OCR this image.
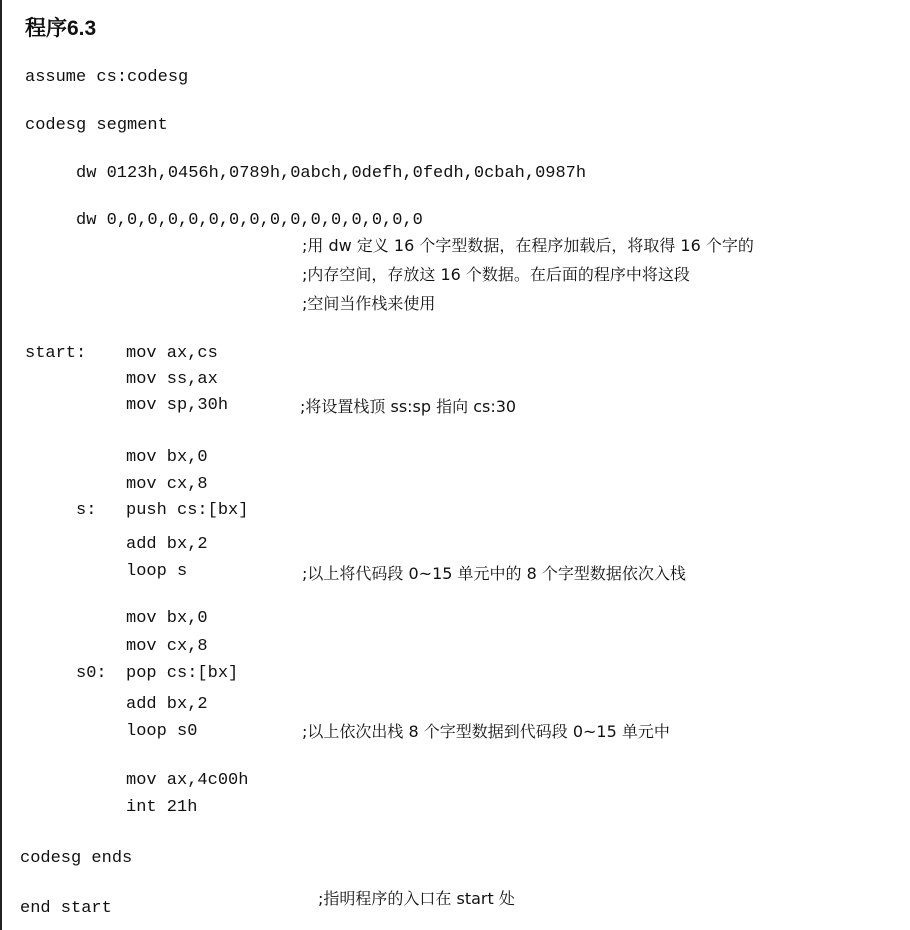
程序6.3
assume cs:codesg
codesg segment
dw 0123h,0456h,0789h,0abch,0defh,0fedh,0cbah,0987h
dw 0,0,0,0,0,0,0,0,0,0,0,0,0,0,0,0
start: mov ax,cs
mov ss,ax
mov sp,30h
mov bx,0
mov cx,8
s: push cs:[bx]
add bx,2
loop s
mov bx,0
mov cx,8
s0: pop cs:[bx]
add bx,2
loop s0
mov ax,4c00h
int 21h
codesg ends
end start
;用 dw 定义 16 个字型数据，在程序加载后，将取得 16 个字的
;内存空间，存放这 16 个数据。在后面的程序中将这段
;空间当作栈来使用
;将设置栈顶 ss:sp 指向 cs:30
;以上将代码段 0~15 单元中的 8 个字型数据依次入栈
;以上依次出栈 8 个字型数据到代码段 0~15 单元中
;指明程序的入口在 start 处
